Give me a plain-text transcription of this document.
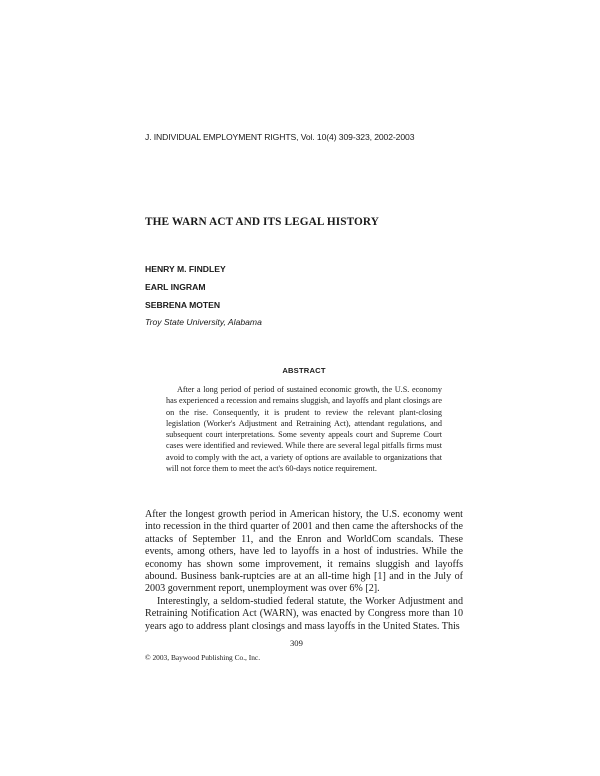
J. INDIVIDUAL EMPLOYMENT RIGHTS, Vol. 10(4) 309-323, 2002-2003
THE WARN ACT AND ITS LEGAL HISTORY
HENRY M. FINDLEY
EARL INGRAM
SEBRENA MOTEN
Troy State University, Alabama
ABSTRACT

After a long period of period of sustained economic growth, the U.S. economy has experienced a recession and remains sluggish, and layoffs and plant closings are on the rise. Consequently, it is prudent to review the relevant plant-closing legislation (Worker's Adjustment and Retraining Act), attendant regulations, and subsequent court interpretations. Some seventy appeals court and Supreme Court cases were identified and reviewed. While there are several legal pitfalls firms must avoid to comply with the act, a variety of options are available to organizations that will not force them to meet the act's 60-days notice requirement.

After the longest growth period in American history, the U.S. economy went into recession in the third quarter of 2001 and then came the aftershocks of the attacks of September 11, and the Enron and WorldCom scandals. These events, among others, have led to layoffs in a host of industries. While the economy has shown some improvement, it remains sluggish and layoffs abound. Business bank-ruptcies are at an all-time high [1] and in the July of 2003 government report, unemployment was over 6% [2].

Interestingly, a seldom-studied federal statute, the Worker Adjustment and Retraining Notification Act (WARN), was enacted by Congress more than 10 years ago to address plant closings and mass layoffs in the United States. This

309
© 2003, Baywood Publishing Co., Inc.
